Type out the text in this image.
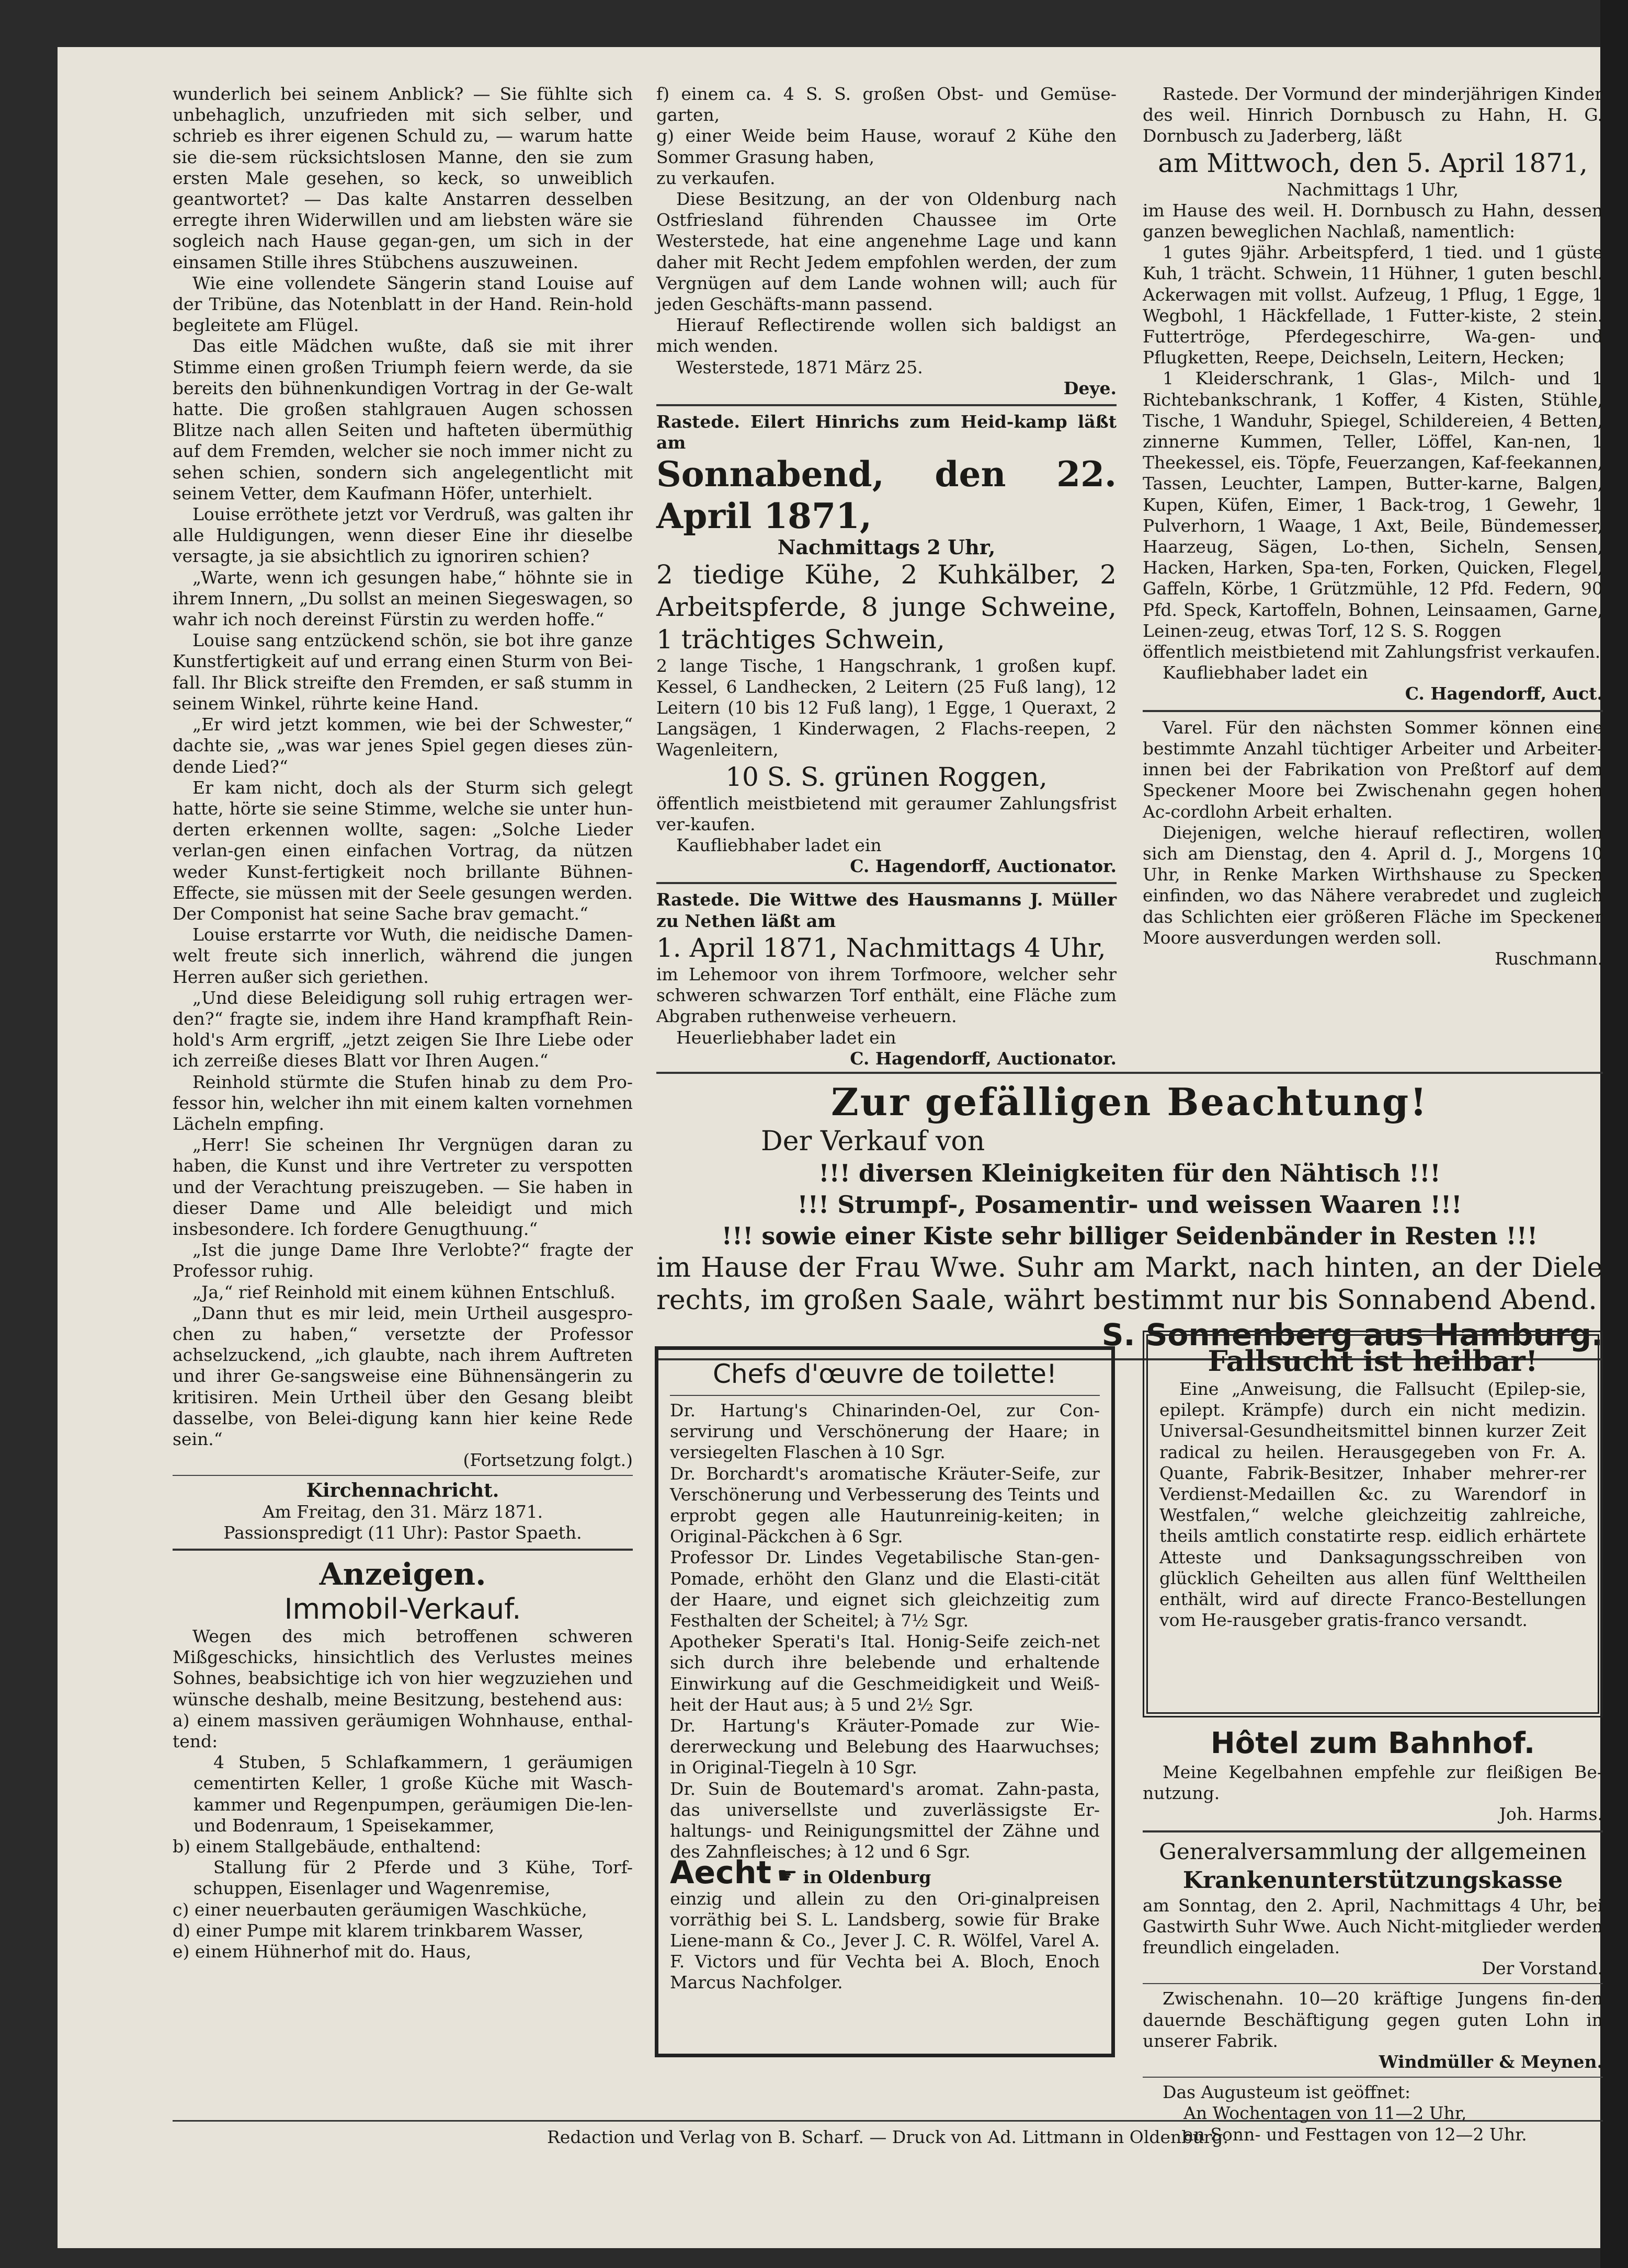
wunderlich bei seinem Anblick? — Sie fühlte sich unbehaglich, unzufrieden mit sich selber, und schrieb es ihrer eigenen Schuld zu, — warum hatte sie die-sem rücksichtslosen Manne, den sie zum ersten Male gesehen, so keck, so unweiblich geantwortet? — Das kalte Anstarren desselben erregte ihren Widerwillen und am liebsten wäre sie sogleich nach Hause gegan-gen, um sich in der einsamen Stille ihres Stübchens auszuweinen.

Wie eine vollendete Sängerin stand Louise auf der Tribüne, das Notenblatt in der Hand. Rein-hold begleitete am Flügel.

Das eitle Mädchen wußte, daß sie mit ihrer Stimme einen großen Triumph feiern werde, da sie bereits den bühnenkundigen Vortrag in der Ge-walt hatte. Die großen stahlgrauen Augen schossen Blitze nach allen Seiten und hafteten übermüthig auf dem Fremden, welcher sie noch immer nicht zu sehen schien, sondern sich angelegentlicht mit seinem Vetter, dem Kaufmann Höfer, unterhielt.

Louise erröthete jetzt vor Verdruß, was galten ihr alle Huldigungen, wenn dieser Eine ihr dieselbe versagte, ja sie absichtlich zu ignoriren schien?

„Warte, wenn ich gesungen habe,“ höhnte sie in ihrem Innern, „Du sollst an meinen Siegeswagen, so wahr ich noch dereinst Fürstin zu werden hoffe.“

Louise sang entzückend schön, sie bot ihre ganze Kunstfertigkeit auf und errang einen Sturm von Bei-fall. Ihr Blick streifte den Fremden, er saß stumm in seinem Winkel, rührte keine Hand.

„Er wird jetzt kommen, wie bei der Schwester,“ dachte sie, „was war jenes Spiel gegen dieses zün-dende Lied?“

Er kam nicht, doch als der Sturm sich gelegt hatte, hörte sie seine Stimme, welche sie unter hun-derten erkennen wollte, sagen: „Solche Lieder verlan-gen einen einfachen Vortrag, da nützen weder Kunst-fertigkeit noch brillante Bühnen-Effecte, sie müssen mit der Seele gesungen werden. Der Componist hat seine Sache brav gemacht.“

Louise erstarrte vor Wuth, die neidische Damen-welt freute sich innerlich, während die jungen Herren außer sich geriethen.

„Und diese Beleidigung soll ruhig ertragen wer-den?“ fragte sie, indem ihre Hand krampfhaft Rein-hold's Arm ergriff, „jetzt zeigen Sie Ihre Liebe oder ich zerreiße dieses Blatt vor Ihren Augen.“

Reinhold stürmte die Stufen hinab zu dem Pro-fessor hin, welcher ihn mit einem kalten vornehmen Lächeln empfing.

„Herr! Sie scheinen Ihr Vergnügen daran zu haben, die Kunst und ihre Vertreter zu verspotten und der Verachtung preiszugeben. — Sie haben in dieser Dame und Alle beleidigt und mich insbesondere. Ich fordere Genugthuung.“

„Ist die junge Dame Ihre Verlobte?“ fragte der Professor ruhig.

„Ja,“ rief Reinhold mit einem kühnen Entschluß.

„Dann thut es mir leid, mein Urtheil ausgespro-chen zu haben,“ versetzte der Professor achselzuckend, „ich glaubte, nach ihrem Auftreten und ihrer Ge-sangsweise eine Bühnensängerin zu kritisiren. Mein Urtheil über den Gesang bleibt dasselbe, von Belei-digung kann hier keine Rede sein.“

(Fortsetzung folgt.)

Kirchennachricht.

Am Freitag, den 31. März 1871.

Passionspredigt (11 Uhr): Pastor Spaeth.

Anzeigen.

Immobil-Verkauf.

Wegen des mich betroffenen schweren Mißgeschicks, hinsichtlich des Verlustes meines Sohnes, beabsichtige ich von hier wegzuziehen und wünsche deshalb, meine Besitzung, bestehend aus:

a) einem massiven geräumigen Wohnhause, enthal-tend:

4 Stuben, 5 Schlafkammern, 1 geräumigen cementirten Keller, 1 große Küche mit Wasch-kammer und Regenpumpen, geräumigen Die-len- und Bodenraum, 1 Speisekammer,

b) einem Stallgebäude, enthaltend:

Stallung für 2 Pferde und 3 Kühe, Torf-schuppen, Eisenlager und Wagenremise,

c) einer neuerbauten geräumigen Waschküche,

d) einer Pumpe mit klarem trinkbarem Wasser,

e) einem Hühnerhof mit do. Haus,

f) einem ca. 4 S. S. großen Obst- und Gemüse-garten,

g) einer Weide beim Hause, worauf 2 Kühe den Sommer Grasung haben,

zu verkaufen.

Diese Besitzung, an der von Oldenburg nach Ostfriesland führenden Chaussee im Orte Westerstede, hat eine angenehme Lage und kann daher mit Recht Jedem empfohlen werden, der zum Vergnügen auf dem Lande wohnen will; auch für jeden Geschäfts-mann passend.

Hierauf Reflectirende wollen sich baldigst an mich wenden.

Westerstede, 1871 März 25.

Deye.

Rastede. Eilert Hinrichs zum Heid-kamp läßt am

Sonnabend, den 22. April 1871,

Nachmittags 2 Uhr,

2 tiedige Kühe, 2 Kuhkälber, 2 Arbeitspferde, 8 junge Schweine, 1 trächtiges Schwein,

2 lange Tische, 1 Hangschrank, 1 großen kupf. Kessel, 6 Landhecken, 2 Leitern (25 Fuß lang), 12 Leitern (10 bis 12 Fuß lang), 1 Egge, 1 Queraxt, 2 Langsägen, 1 Kinderwagen, 2 Flachs-reepen, 2 Wagenleitern,

10 S. S. grünen Roggen,

öffentlich meistbietend mit geraumer Zahlungsfrist ver-kaufen.

Kaufliebhaber ladet ein

C. Hagendorff, Auctionator.

Rastede. Die Wittwe des Hausmanns J. Müller zu Nethen läßt am

1. April 1871, Nachmittags 4 Uhr,

im Lehemoor von ihrem Torfmoore, welcher sehr schweren schwarzen Torf enthält, eine Fläche zum Abgraben ruthenweise verheuern.

Heuerliebhaber ladet ein

C. Hagendorff, Auctionator.

Rastede. Der Vormund der minderjährigen Kinder des weil. Hinrich Dornbusch zu Hahn, H. G. Dornbusch zu Jaderberg, läßt

am Mittwoch, den 5. April 1871,

Nachmittags 1 Uhr,

im Hause des weil. H. Dornbusch zu Hahn, dessen ganzen beweglichen Nachlaß, namentlich:

1 gutes 9jähr. Arbeitspferd, 1 tied. und 1 güste Kuh, 1 trächt. Schwein, 11 Hühner, 1 guten beschl. Ackerwagen mit vollst. Aufzeug, 1 Pflug, 1 Egge, 1 Wegbohl, 1 Häckfellade, 1 Futter-kiste, 2 stein. Futtertröge, Pferdegeschirre, Wa-gen- und Pflugketten, Reepe, Deichseln, Leitern, Hecken;

1 Kleiderschrank, 1 Glas-, Milch- und 1 Richtebankschrank, 1 Koffer, 4 Kisten, Stühle, Tische, 1 Wanduhr, Spiegel, Schildereien, 4 Betten, zinnerne Kummen, Teller, Löffel, Kan-nen, 1 Theekessel, eis. Töpfe, Feuerzangen, Kaf-feekannen, Tassen, Leuchter, Lampen, Butter-karne, Balgen, Kupen, Küfen, Eimer, 1 Back-trog, 1 Gewehr, 1 Pulverhorn, 1 Waage, 1 Axt, Beile, Bündemesser, Haarzeug, Sägen, Lo-then, Sicheln, Sensen, Hacken, Harken, Spa-ten, Forken, Quicken, Flegel, Gaffeln, Körbe, 1 Grützmühle, 12 Pfd. Federn, 90 Pfd. Speck, Kartoffeln, Bohnen, Leinsaamen, Garne, Leinen-zeug, etwas Torf, 12 S. S. Roggen

öffentlich meistbietend mit Zahlungsfrist verkaufen.

Kaufliebhaber ladet ein

C. Hagendorff, Auct.

Varel. Für den nächsten Sommer können eine bestimmte Anzahl tüchtiger Arbeiter und Arbeiter-innen bei der Fabrikation von Preßtorf auf dem Speckener Moore bei Zwischenahn gegen hohen Ac-cordlohn Arbeit erhalten.

Diejenigen, welche hierauf reflectiren, wollen sich am Dienstag, den 4. April d. J., Morgens 10 Uhr, in Renke Marken Wirthshause zu Specken einfinden, wo das Nähere verabredet und zugleich das Schlichten eier größeren Fläche im Speckener Moore ausverdungen werden soll.

Ruschmann.

Zur gefälligen Beachtung!

Der Verkauf von

!!! diversen Kleinigkeiten für den Nähtisch !!!

!!! Strumpf-, Posamentir- und weissen Waaren !!!

!!! sowie einer Kiste sehr billiger Seidenbänder in Resten !!!

im Hause der Frau Wwe. Suhr am Markt, nach hinten, an der Diele rechts, im großen Saale, währt bestimmt nur bis Sonnabend Abend.

S. Sonnenberg aus Hamburg.

Chefs d'œuvre de toilette!

Dr. Hartung's Chinarinden-Oel, zur Con-servirung und Verschönerung der Haare; in versiegelten Flaschen à 10 Sgr.

Dr. Borchardt's aromatische Kräuter-Seife, zur Verschönerung und Verbesserung des Teints und erprobt gegen alle Hautunreinig-keiten; in Original-Päckchen à 6 Sgr.

Professor Dr. Lindes Vegetabilische Stan-gen-Pomade, erhöht den Glanz und die Elasti-cität der Haare, und eignet sich gleichzeitig zum Festhalten der Scheitel; à 7½ Sgr.

Apotheker Sperati's Ital. Honig-Seife zeich-net sich durch ihre belebende und erhaltende Einwirkung auf die Geschmeidigkeit und Weiß-heit der Haut aus; à 5 und 2½ Sgr.

Dr. Hartung's Kräuter-Pomade zur Wie-dererweckung und Belebung des Haarwuchses; in Original-Tiegeln à 10 Sgr.

Dr. Suin de Boutemard's aromat. Zahn-pasta, das universellste und zuverlässigste Er-haltungs- und Reinigungsmittel der Zähne und des Zahnfleisches; à 12 und 6 Sgr.

Aecht ☛ in Oldenburg

einzig und allein zu den Ori-ginalpreisen vorräthig bei S. L. Landsberg, sowie für Brake Liene-mann & Co., Jever J. C. R. Wölfel, Varel A. F. Victors und für Vechta bei A. Bloch, Enoch Marcus Nachfolger.

Fallsucht ist heilbar!

Eine „Anweisung, die Fallsucht (Epilep-sie, epilept. Krämpfe) durch ein nicht medizin. Universal-Gesundheitsmittel binnen kurzer Zeit radical zu heilen. Herausgegeben von Fr. A. Quante, Fabrik-Besitzer, Inhaber mehrer-rer Verdienst-Medaillen &c. zu Warendorf in Westfalen,“ welche gleichzeitig zahlreiche, theils amtlich constatirte resp. eidlich erhärtete Atteste und Danksagungsschreiben von glücklich Geheilten aus allen fünf Welttheilen enthält, wird auf directe Franco-Bestellungen vom He-rausgeber gratis-franco versandt.

Hôtel zum Bahnhof.

Meine Kegelbahnen empfehle zur fleißigen Be-nutzung.

Joh. Harms.

Generalversammlung der allgemeinen

Krankenunterstützungskasse

am Sonntag, den 2. April, Nachmittags 4 Uhr, bei Gastwirth Suhr Wwe. Auch Nicht-mitglieder werden freundlich eingeladen.

Der Vorstand.

Zwischenahn. 10—20 kräftige Jungens fin-den dauernde Beschäftigung gegen guten Lohn in unserer Fabrik.

Windmüller & Meynen.

Das Augusteum ist geöffnet:

An Wochentagen von 11—2 Uhr,

an Sonn- und Festtagen von 12—2 Uhr.

Redaction und Verlag von B. Scharf. — Druck von Ad. Littmann in Oldenburg.
